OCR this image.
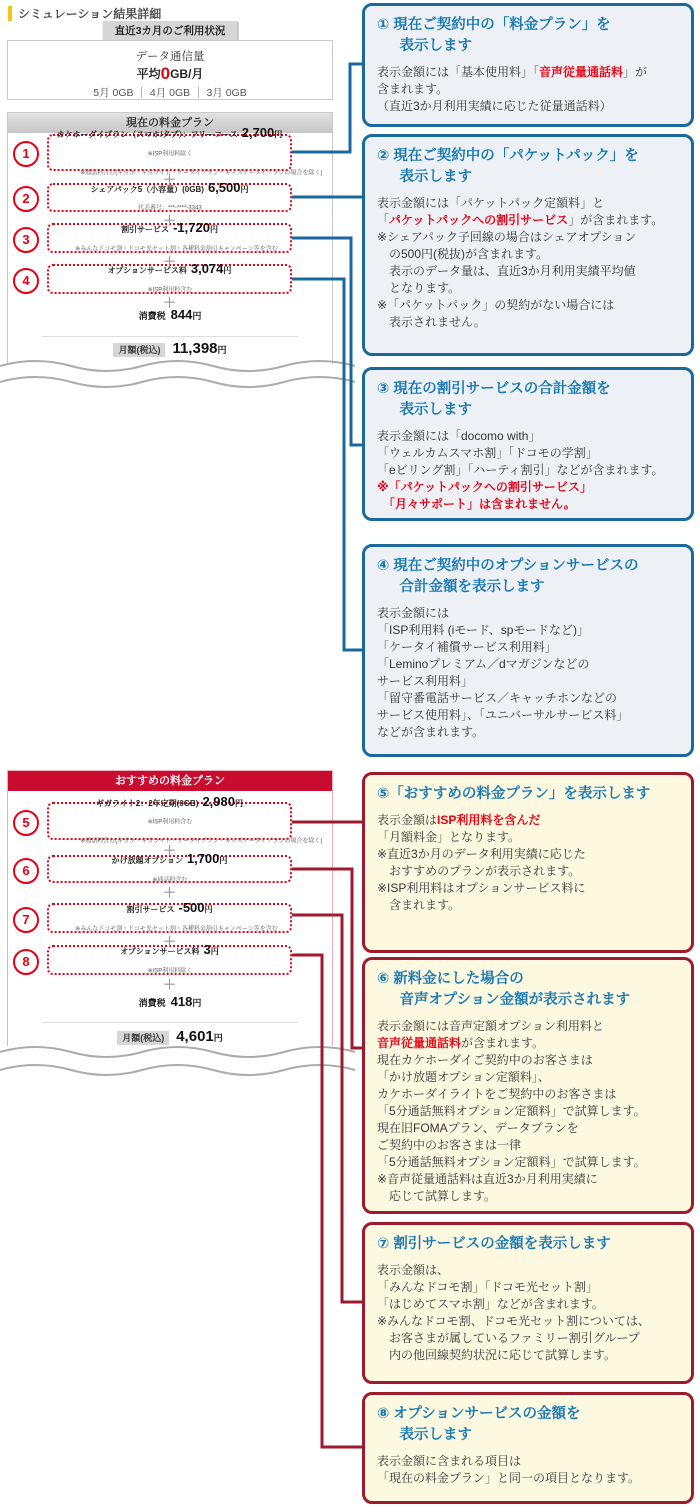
シミュレーション結果詳細
直近3カ月のご利用状況
データ通信量
平均0GB/月
5月 0GB ｜ 4月 0GB ｜ 3月 0GB
現在の料金プラン
おすすめの料金プラン
カケホーダイプラン（スマホ/タブ）：フリーコース 2,700円
※ISP利用料除く
※通話料含む(ギガホ・ギガライト・ケータイプラン・キッズケータイプランの場合を除く)
1
シェアパック5（小容量）(0GB) 6,500円
代表番号：***-****-3343
2
割引サービス -1,720円
※みんなドコモ割・ドコモ光セット割・各種料金割引キャンペーン等を含む
3
オプションサービス料 3,074円
※ISP利用料含む
4
＋
＋
＋
＋
ギガライト2：2年定期(0GB) 2,980円
※ISP利用料含む
※通話料含む(ギガホ・ギガライト・ケータイプラン・キッズケータイプランの場合を除く)
5
かけ放題オプション 1,700円
※通話料含む
6
割引サービス -500円
※みんなドコモ割・ドコモ光セット割・各種料金割引キャンペーン等を含む
7
オプションサービス料 3円
※ISP利用料除く
8
＋
＋
＋
＋
消費税 844円
月額(税込) 11,398円
消費税 418円
月額(税込) 4,601円
① 現在ご契約中の「料金プラン」を
表示します
表示金額には「基本使用料」「音声従量通話料」が
含まれます。
（直近3か月利用実績に応じた従量通話料）
② 現在ご契約中の「パケットパック」を
表示します
表示金額には「パケットパック定額料」と
「パケットパックへの割引サービス」が含まれます。
※シェアパック子回線の場合はシェアオプション
　の500円(税抜)が含まれます。
　表示のデータ量は、直近3か月利用実績平均値
　となります。
※「パケットパック」の契約がない場合には
　表示されません。
③ 現在の割引サービスの合計金額を
表示します
表示金額には「docomo with」
「ウェルカムスマホ割」「ドコモの学割」
「eビリング割」「ハーティ割引」などが含まれます。
※「パケットパックへの割引サービス」
　「月々サポート」は含まれません。
④ 現在ご契約中のオプションサービスの
合計金額を表示します
表示金額には
「ISP利用料 (iモード、spモードなど)」
「ケータイ補償サービス利用料」
「Leminoプレミアム／dマガジンなどの
サービス利用料」
「留守番電話サービス／キャッチホンなどの
サービス使用料」、「ユニバーサルサービス料」
などが含まれます。
⑤「おすすめの料金プラン」を表示します
表示金額はISP利用料を含んだ
「月額料金」となります。
※直近3か月のデータ利用実績に応じた
　おすすめのプランが表示されます。
※ISP利用料はオプションサービス料に
　含まれます。
⑥ 新料金にした場合の
音声オプション金額が表示されます
表示金額には音声定額オプション利用料と
音声従量通話料が含まれます。
現在カケホーダイご契約中のお客さまは
「かけ放題オプション定額料」、
カケホーダイライトをご契約中のお客さまは
「5分通話無料オプション定額料」で試算します。
現在旧FOMAプラン、データプランを
ご契約中のお客さまは一律
「5分通話無料オプション定額料」で試算します。
※音声従量通話料は直近3か月利用実績に
　応じて試算します。
⑦ 割引サービスの金額を表示します
表示金額は、
「みんなドコモ割」「ドコモ光セット割」
「はじめてスマホ割」などが含まれます。
※みんなドコモ割、ドコモ光セット割については、
　お客さまが属しているファミリー割引グループ
　内の他回線契約状況に応じて試算します。
⑧ オプションサービスの金額を
表示します
表示金額に含まれる項目は
「現在の料金プラン」と同一の項目となります。
